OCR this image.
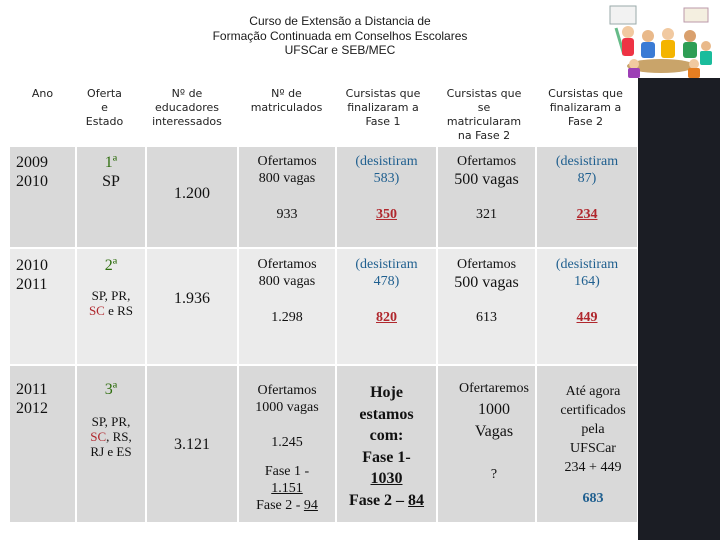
Curso de Extensão a Distancia de
Formação Continuada em Conselhos Escolares
UFSCar e SEB/MEC
Ano	Oferta
e
Estado
Nº de
educadores
interessados
Nº de
matriculados
Cursistas que
finalizaram a
Fase 1
Cursistas que
se
matricularam
na Fase 2
Cursistas que
finalizaram a
Fase 2
2009
2010
1ª
SP
1.200
Ofertamos
800 vagas
933
(desistiram
583)
350
Ofertamos
500 vagas
321
(desistiram
87)
234
2010
2011
2ª
SP, PR,
SC e RS
1.936
Ofertamos
800 vagas
1.298
(desistiram
478)
820
Ofertamos
500 vagas
613
(desistiram
164)
449
2011
2012
3ª
SP, PR,
SC, RS,
RJ e ES	3.121
Ofertamos
1000 vagas
1.245
Fase 1 -
1.151
Fase 2 - 94
Hoje
estamos
com:
Fase 1-
1030
Fase 2 – 84
Ofertaremos
1000
Vagas
?
Até agora
certificados
pela
UFSCar
234 + 449
683
